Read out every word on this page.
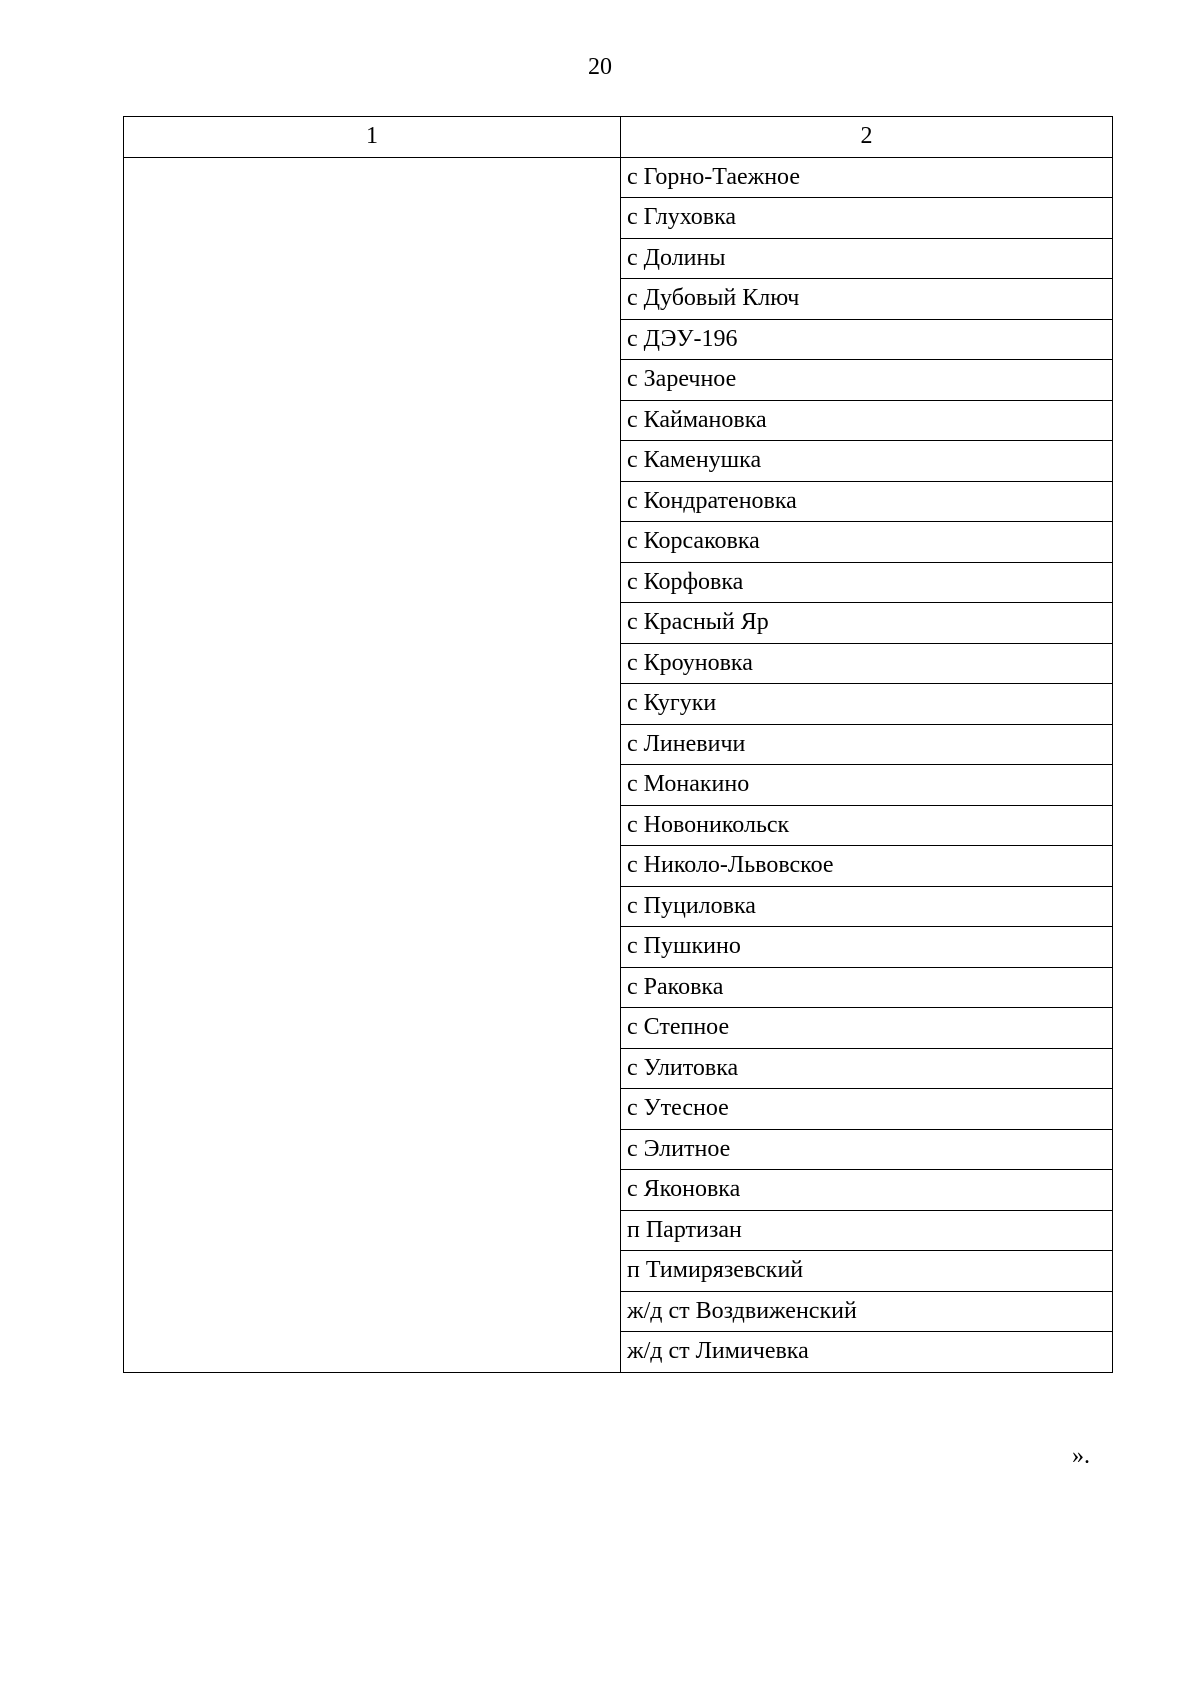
20
1	2
	с Горно-Таежное
	с Глуховка
	с Долины
	с Дубовый Ключ
	с ДЭУ-196
	с Заречное
	с Каймановка
	с Каменушка
	с Кондратеновка
	с Корсаковка
	с Корфовка
	с Красный Яр
	с Кроуновка
	с Кугуки
	с Линевичи
	с Монакино
	с Новоникольск
	с Николо-Львовское
	с Пуциловка
	с Пушкино
	с Раковка
	с Степное
	с Улитовка
	с Утесное
	с Элитное
	с Яконовка
	п Партизан
	п Тимирязевский
	ж/д ст Воздвиженский
	ж/д ст Лимичевка
».
